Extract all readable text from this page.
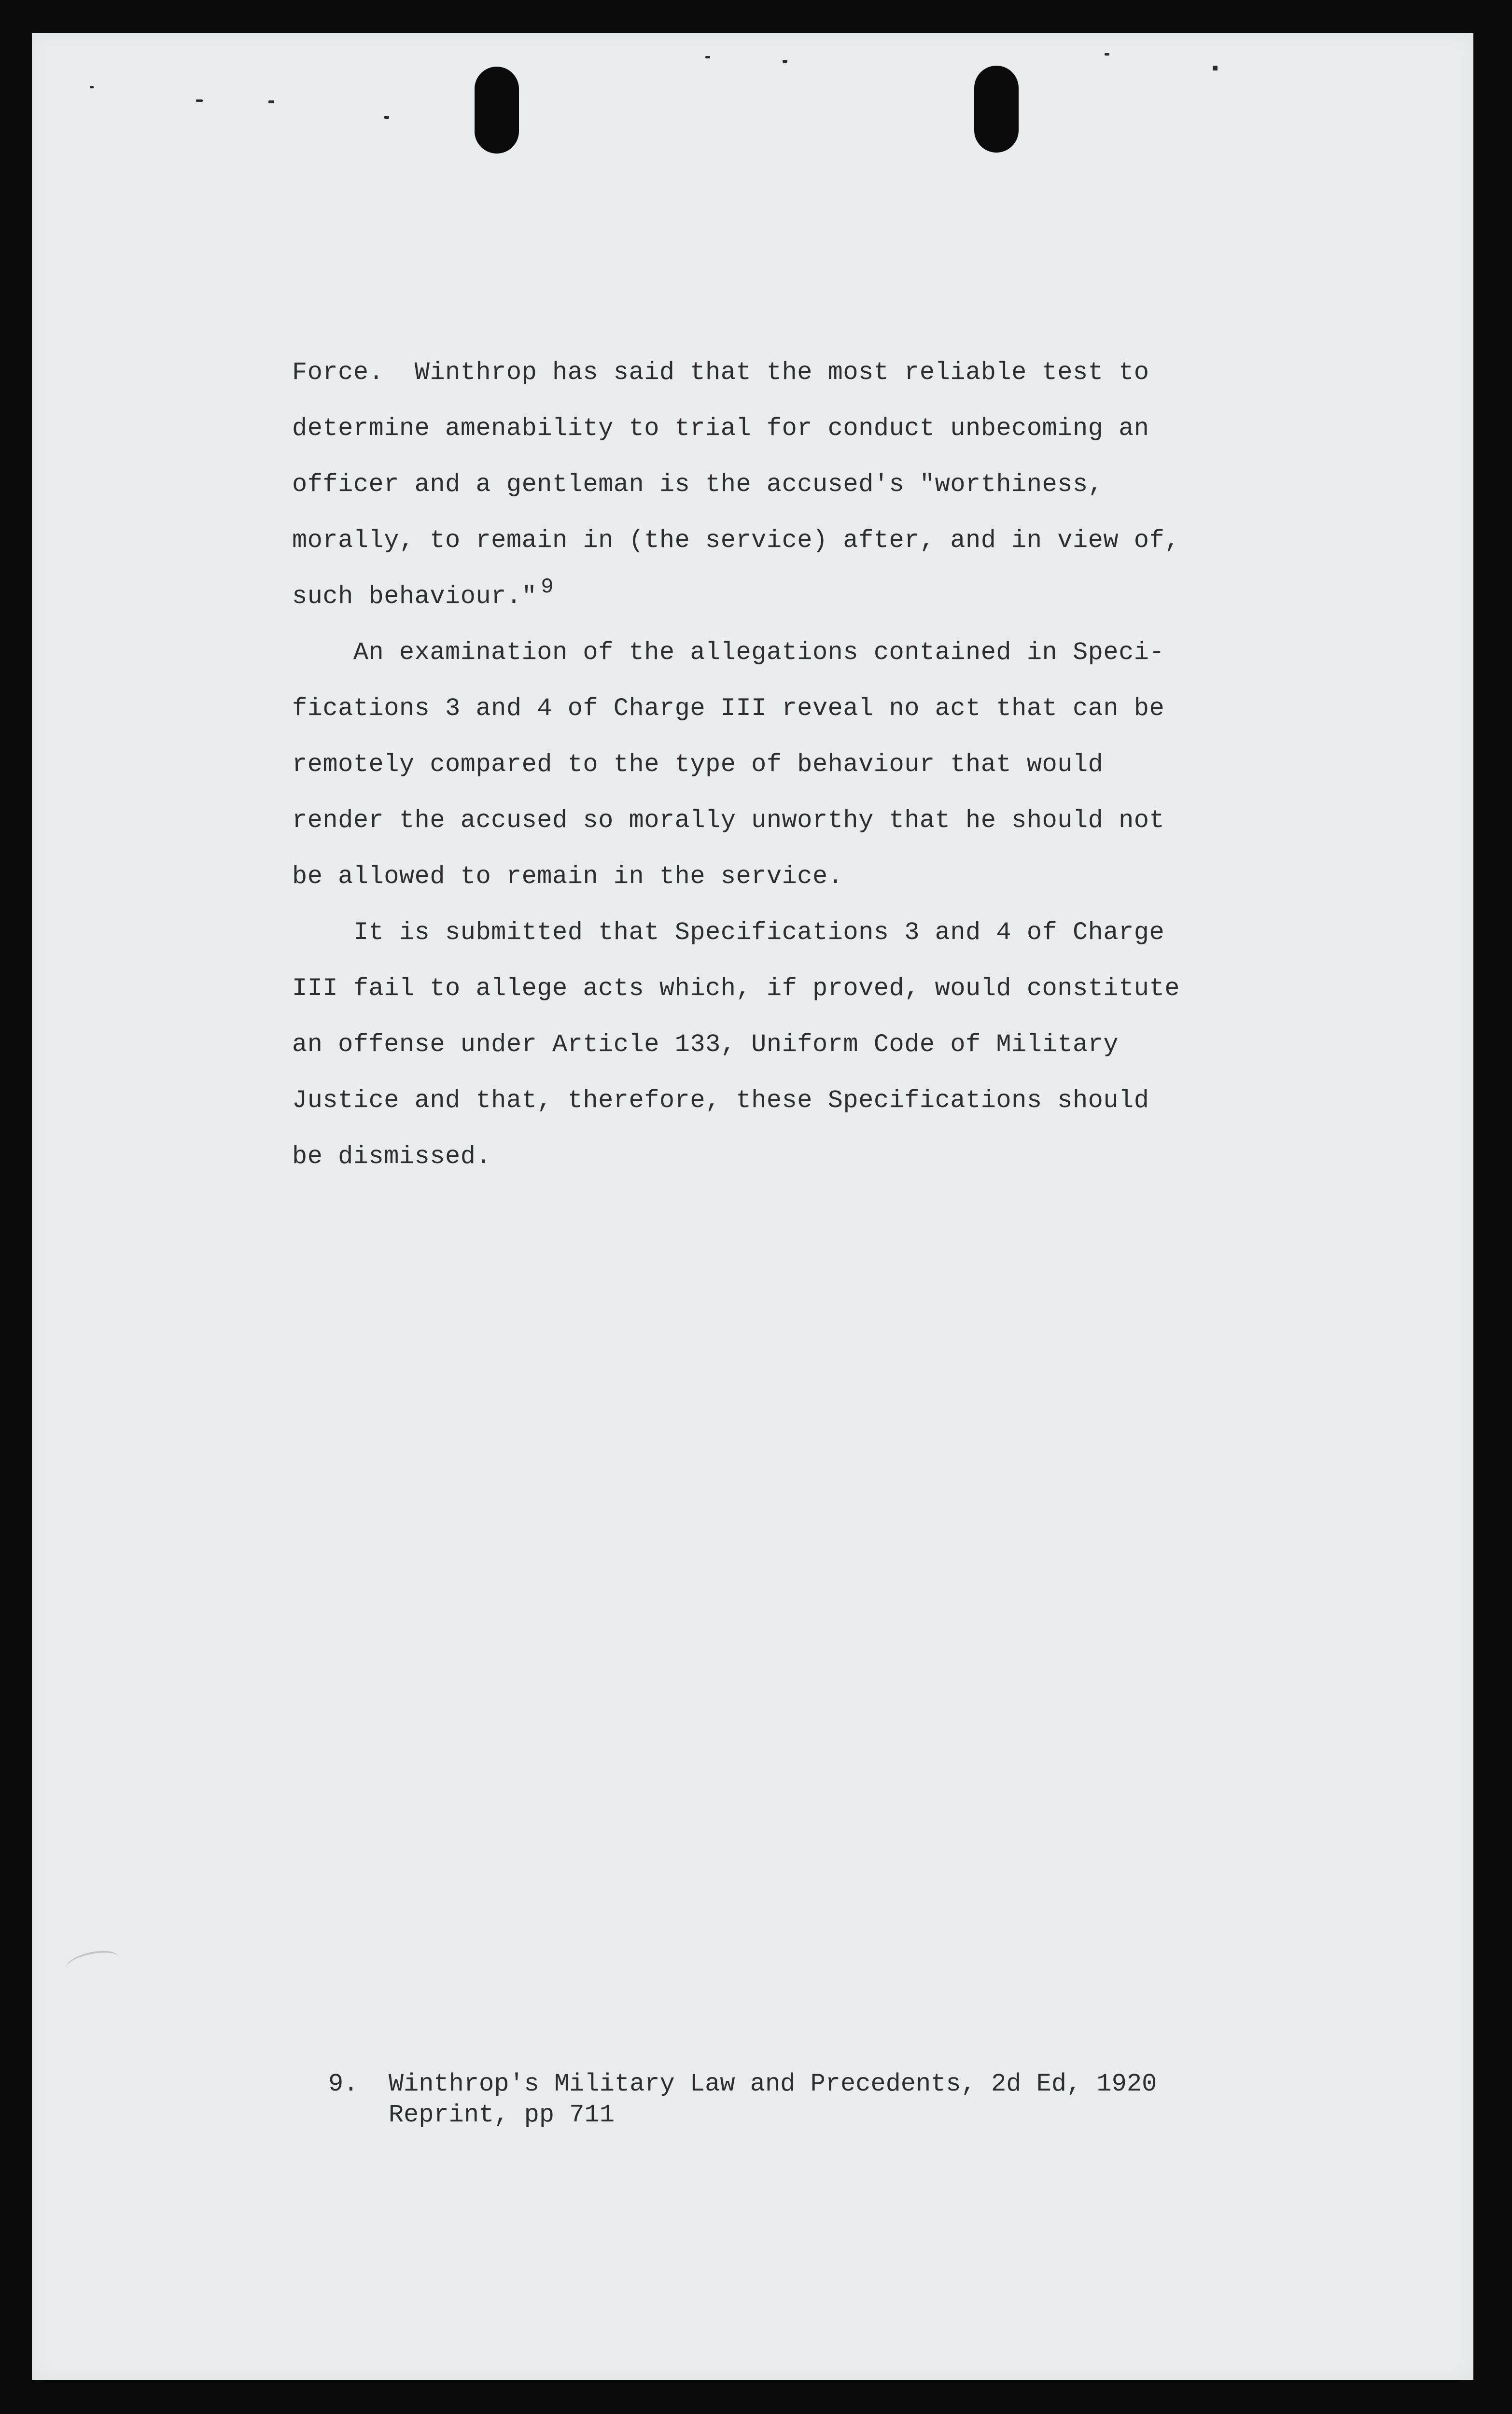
Force.  Winthrop has said that the most reliable test to
determine amenability to trial for conduct unbecoming an
officer and a gentleman is the accused's "worthiness,
morally, to remain in (the service) after, and in view of,
such behaviour." $^9$
An examination of the allegations contained in Speci-
fications 3 and 4 of Charge III reveal no act that can be
remotely compared to the type of behaviour that would
render the accused so morally unworthy that he should not
be allowed to remain in the service.
It is submitted that Specifications 3 and 4 of Charge
III fail to allege acts which, if proved, would constitute
an offense under Article 133, Uniform Code of Military
Justice and that, therefore, these Specifications should
be dismissed.
9.  Winthrop's Military Law and Precedents, 2d Ed, 1920
Reprint, pp 711
